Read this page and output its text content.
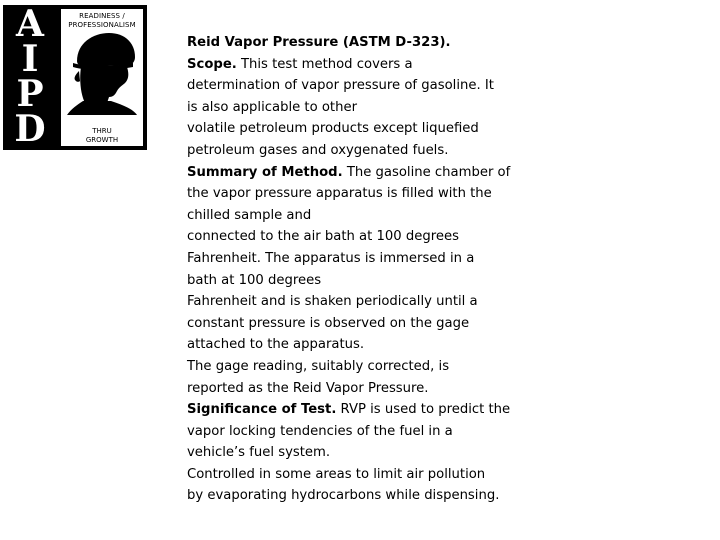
A
I
P
D
READINESS /
PROFESSIONALISM
THRU
GROWTH
Reid Vapor Pressure (ASTM D-323).
Scope. This test method covers a
determination of vapor pressure of gasoline. It
is also applicable to other
volatile petroleum products except liquefied
petroleum gases and oxygenated fuels.
Summary of Method. The gasoline chamber of
the vapor pressure apparatus is filled with the
chilled sample and
connected to the air bath at 100 degrees
Fahrenheit. The apparatus is immersed in a
bath at 100 degrees
Fahrenheit and is shaken periodically until a
constant pressure is observed on the gage
attached to the apparatus.
The gage reading, suitably corrected, is
reported as the Reid Vapor Pressure.
Significance of Test. RVP is used to predict the
vapor locking tendencies of the fuel in a
vehicle’s fuel system.
Controlled in some areas to limit air pollution
by evaporating hydrocarbons while dispensing.
